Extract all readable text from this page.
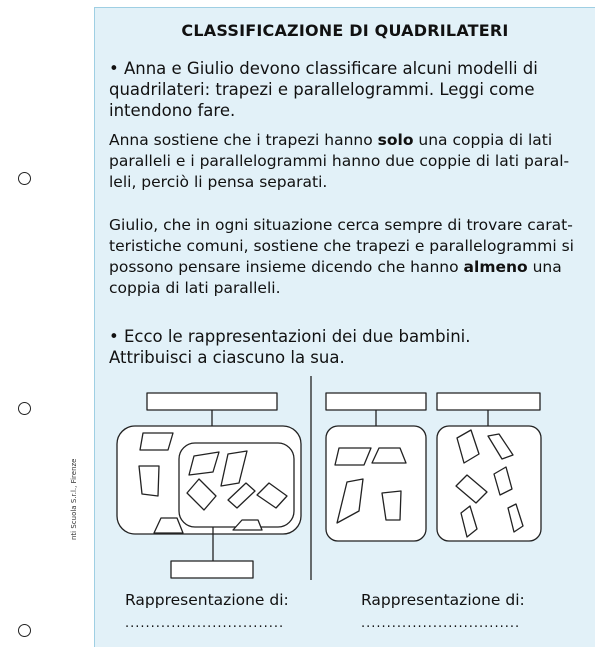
nti Scuola S.r.l., Firenze
CLASSIFICAZIONE DI QUADRILATERI
• Anna e Giulio devono classificare alcuni modelli di quadrilateri: trapezi e parallelogrammi. Leggi come intendono fare.
Anna sostiene che i trapezi hanno solo una coppia di lati paralleli e i parallelogrammi hanno due coppie di lati paral-leli, perciò li pensa separati.
Giulio, che in ogni situazione cerca sempre di trovare carat-teristiche comuni, sostiene che trapezi e parallelogrammi si possono pensare insieme dicendo che hanno almeno una coppia di lati paralleli.
• Ecco le rappresentazioni dei due bambini. Attribuisci a ciascuno la sua.
Rappresentazione di:	Rappresentazione di:
...............................	...............................
